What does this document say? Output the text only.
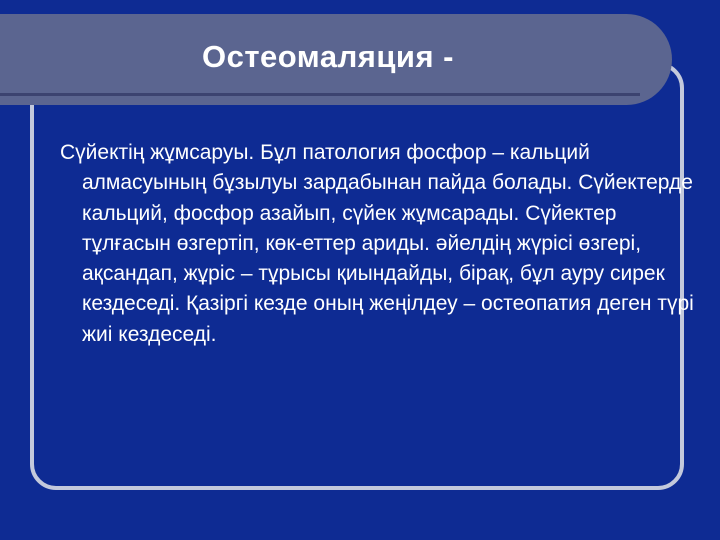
Остеомаляция -

Сүйектің жұмсаруы. Бұл патология фосфор – кальций алмасуының бұзылуы зардабынан пайда болады. Сүйектерде кальций, фосфор азайып, сүйек жұмсарады. Сүйектер тұлғасын өзгертіп, көк-еттер ариды. әйелдің жүрісі өзгері, ақсандап, жұріс – тұрысы қиындайды, бірақ, бұл ауру сирек кездеседі. Қазіргі кезде оның жеңілдеу – остеопатия деген түрі жиі кездеседі.
